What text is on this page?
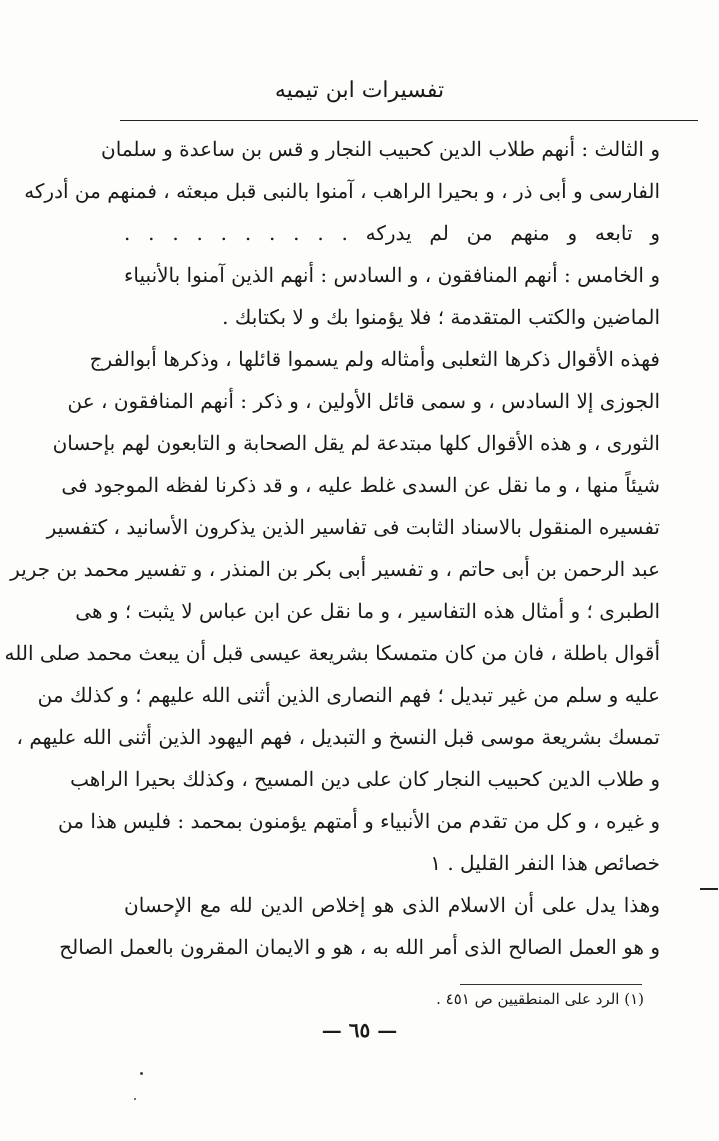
تفسيرات ابن تيميه
و الثالث : أنهم طلاب الدين كحبيب النجار و قس بن ساعدة و سلمان
الفارسى و أبى ذر ، و بحيرا الراهب ، آمنوا بالنبى قبل مبعثه ، فمنهم من أدركه
و تابعه و منهم من لم يدركه . . . . . . . . . .
و الخامس : أنهم المنافقون ، و السادس : أنهم الذين آمنوا بالأنبياء
الماضين والكتب المتقدمة ؛ فلا يؤمنوا بك و لا بكتابك .
فهذه الأقوال ذكرها الثعلبى وأمثاله ولم يسموا قائلها ، وذكرها أبوالفرج
الجوزى إلا السادس ، و سمى قائل الأولين ، و ذكر : أنهم المنافقون ، عن
الثورى ، و هذه الأقوال كلها مبتدعة لم يقل الصحابة و التابعون لهم بإحسان
شيئاً منها ، و ما نقل عن السدى غلط عليه ، و قد ذكرنا لفظه الموجود فى
تفسيره المنقول بالاسناد الثابت فى تفاسير الذين يذكرون الأسانيد ، كتفسير
عبد الرحمن بن أبى حاتم ، و تفسير أبى بكر بن المنذر ، و تفسير محمد بن جرير
الطبرى ؛ و أمثال هذه التفاسير ، و ما نقل عن ابن عباس لا يثبت ؛ و هى
أقوال باطلة ، فان من كان متمسكا بشريعة عيسى قبل أن يبعث محمد صلى الله
عليه و سلم من غير تبديل ؛ فهم النصارى الذين أثنى الله عليهم ؛ و كذلك من
تمسك بشريعة موسى قبل النسخ و التبديل ، فهم اليهود الذين أثنى الله عليهم ،
و طلاب الدين كحبيب النجار كان على دين المسيح ، وكذلك بحيرا الراهب
و غيره ، و كل من تقدم من الأنبياء و أمتهم يؤمنون بمحمد : فليس هذا من
خصائص هذا النفر القليل . ١
وهذا يدل على أن الاسلام الذى هو إخلاص الدين لله مع الإحسان
و هو العمل الصالح الذى أمر الله به ، هو و الايمان المقرون بالعمل الصالح
(١) الرد على المنطقيين ص ٤٥١ .
— ٦٥ —
